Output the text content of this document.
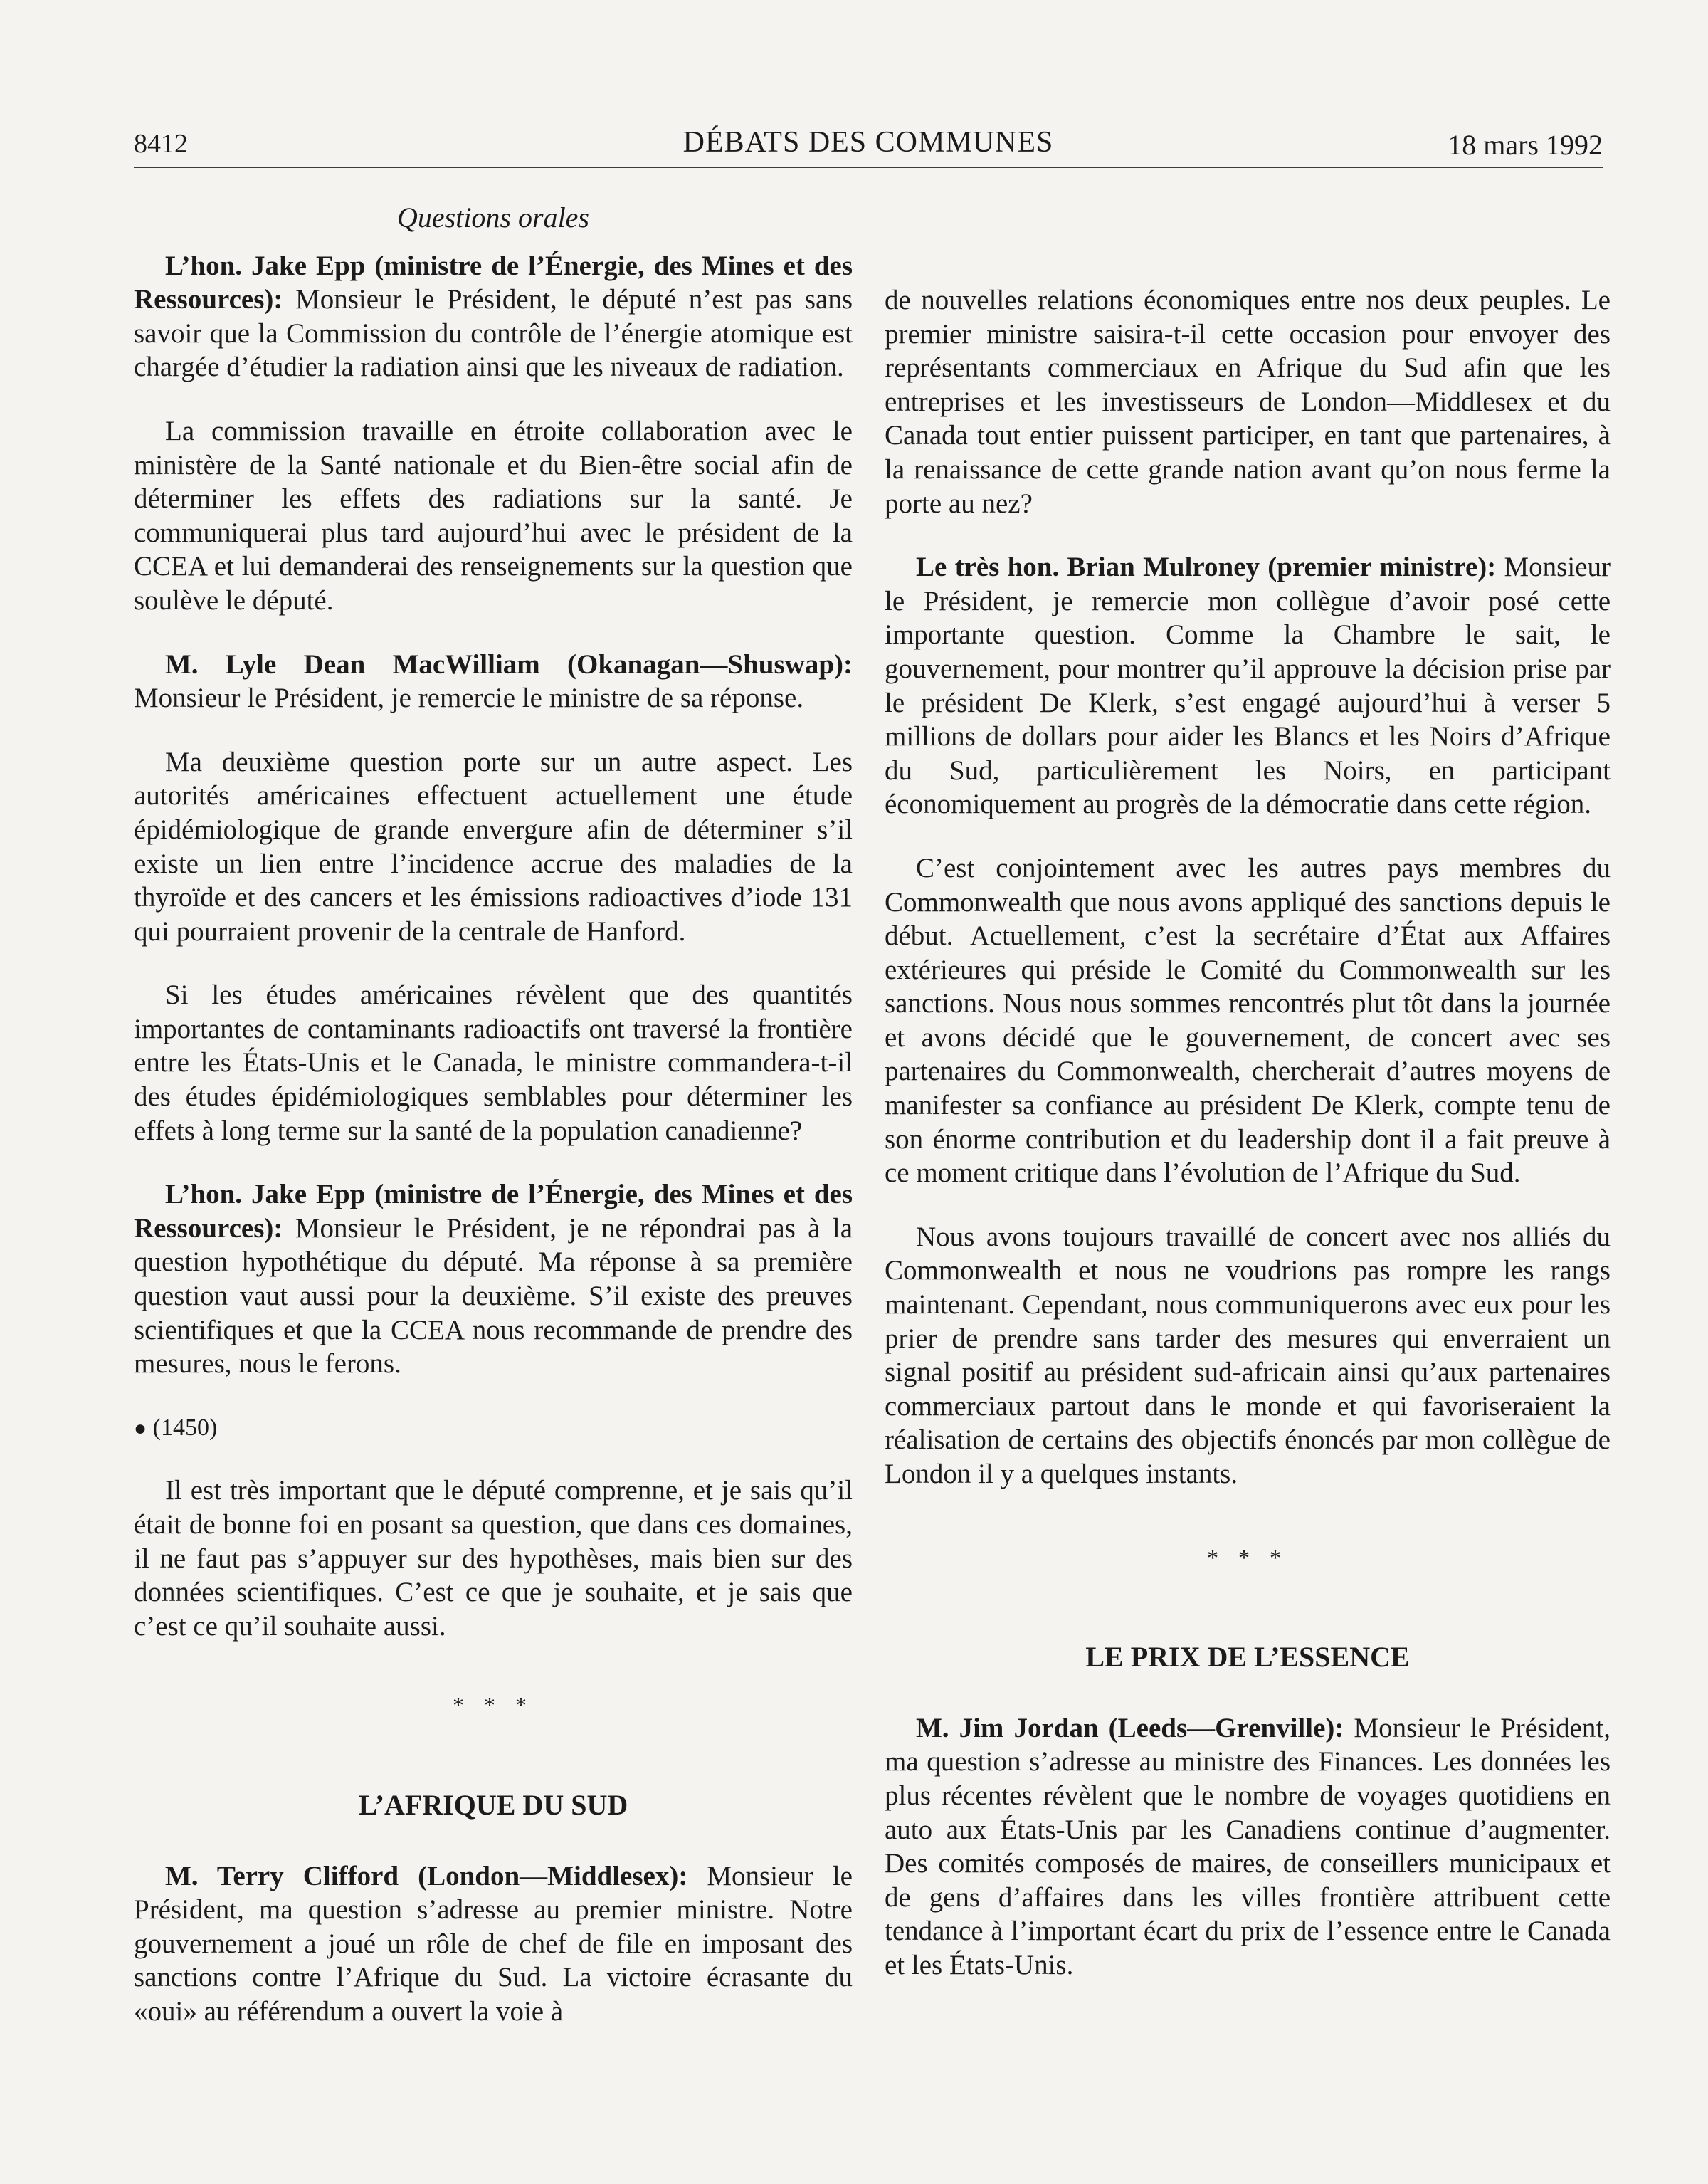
8412	DÉBATS DES COMMUNES	18 mars 1992
Questions orales

L’hon. Jake Epp (ministre de l’Énergie, des Mines et des Ressources): Monsieur le Président, le député n’est pas sans savoir que la Commission du contrôle de l’énergie atomique est chargée d’étudier la radiation ainsi que les niveaux de radiation.

La commission travaille en étroite collaboration avec le ministère de la Santé nationale et du Bien-être social afin de déterminer les effets des radiations sur la santé. Je communiquerai plus tard aujourd’hui avec le président de la CCEA et lui demanderai des renseignements sur la question que soulève le député.

M. Lyle Dean MacWilliam (Okanagan—Shuswap): Monsieur le Président, je remercie le ministre de sa réponse.

Ma deuxième question porte sur un autre aspect. Les autorités américaines effectuent actuellement une étude épidémiologique de grande envergure afin de déterminer s’il existe un lien entre l’incidence accrue des maladies de la thyroïde et des cancers et les émissions radioactives d’iode 131 qui pourraient provenir de la centrale de Hanford.

Si les études américaines révèlent que des quantités importantes de contaminants radioactifs ont traversé la frontière entre les États-Unis et le Canada, le ministre commandera-t-il des études épidémiologiques semblables pour déterminer les effets à long terme sur la santé de la population canadienne?

L’hon. Jake Epp (ministre de l’Énergie, des Mines et des Ressources): Monsieur le Président, je ne répondrai pas à la question hypothétique du député. Ma réponse à sa première question vaut aussi pour la deuxième. S’il existe des preuves scientifiques et que la CCEA nous recommande de prendre des mesures, nous le ferons.

● (1450)

Il est très important que le député comprenne, et je sais qu’il était de bonne foi en posant sa question, que dans ces domaines, il ne faut pas s’appuyer sur des hypothèses, mais bien sur des données scientifiques. C’est ce que je souhaite, et je sais que c’est ce qu’il souhaite aussi.

* * *
L’AFRIQUE DU SUD

M. Terry Clifford (London—Middlesex): Monsieur le Président, ma question s’adresse au premier ministre. Notre gouvernement a joué un rôle de chef de file en imposant des sanctions contre l’Afrique du Sud. La victoire écrasante du «oui» au référendum a ouvert la voie à

de nouvelles relations économiques entre nos deux peuples. Le premier ministre saisira-t-il cette occasion pour envoyer des représentants commerciaux en Afrique du Sud afin que les entreprises et les investisseurs de London—Middlesex et du Canada tout entier puissent participer, en tant que partenaires, à la renaissance de cette grande nation avant qu’on nous ferme la porte au nez?

Le très hon. Brian Mulroney (premier ministre): Monsieur le Président, je remercie mon collègue d’avoir posé cette importante question. Comme la Chambre le sait, le gouvernement, pour montrer qu’il approuve la décision prise par le président De Klerk, s’est engagé aujourd’hui à verser 5 millions de dollars pour aider les Blancs et les Noirs d’Afrique du Sud, particulièrement les Noirs, en participant économiquement au progrès de la démocratie dans cette région.

C’est conjointement avec les autres pays membres du Commonwealth que nous avons appliqué des sanctions depuis le début. Actuellement, c’est la secrétaire d’État aux Affaires extérieures qui préside le Comité du Commonwealth sur les sanctions. Nous nous sommes rencontrés plut tôt dans la journée et avons décidé que le gouvernement, de concert avec ses partenaires du Commonwealth, chercherait d’autres moyens de manifester sa confiance au président De Klerk, compte tenu de son énorme contribution et du leadership dont il a fait preuve à ce moment critique dans l’évolution de l’Afrique du Sud.

Nous avons toujours travaillé de concert avec nos alliés du Commonwealth et nous ne voudrions pas rompre les rangs maintenant. Cependant, nous communiquerons avec eux pour les prier de prendre sans tarder des mesures qui enverraient un signal positif au président sud-africain ainsi qu’aux partenaires commerciaux partout dans le monde et qui favoriseraient la réalisation de certains des objectifs énoncés par mon collègue de London il y a quelques instants.

* * *
LE PRIX DE L’ESSENCE

M. Jim Jordan (Leeds—Grenville): Monsieur le Président, ma question s’adresse au ministre des Finances. Les données les plus récentes révèlent que le nombre de voyages quotidiens en auto aux États-Unis par les Canadiens continue d’augmenter. Des comités composés de maires, de conseillers municipaux et de gens d’affaires dans les villes frontière attribuent cette tendance à l’important écart du prix de l’essence entre le Canada et les États-Unis.
